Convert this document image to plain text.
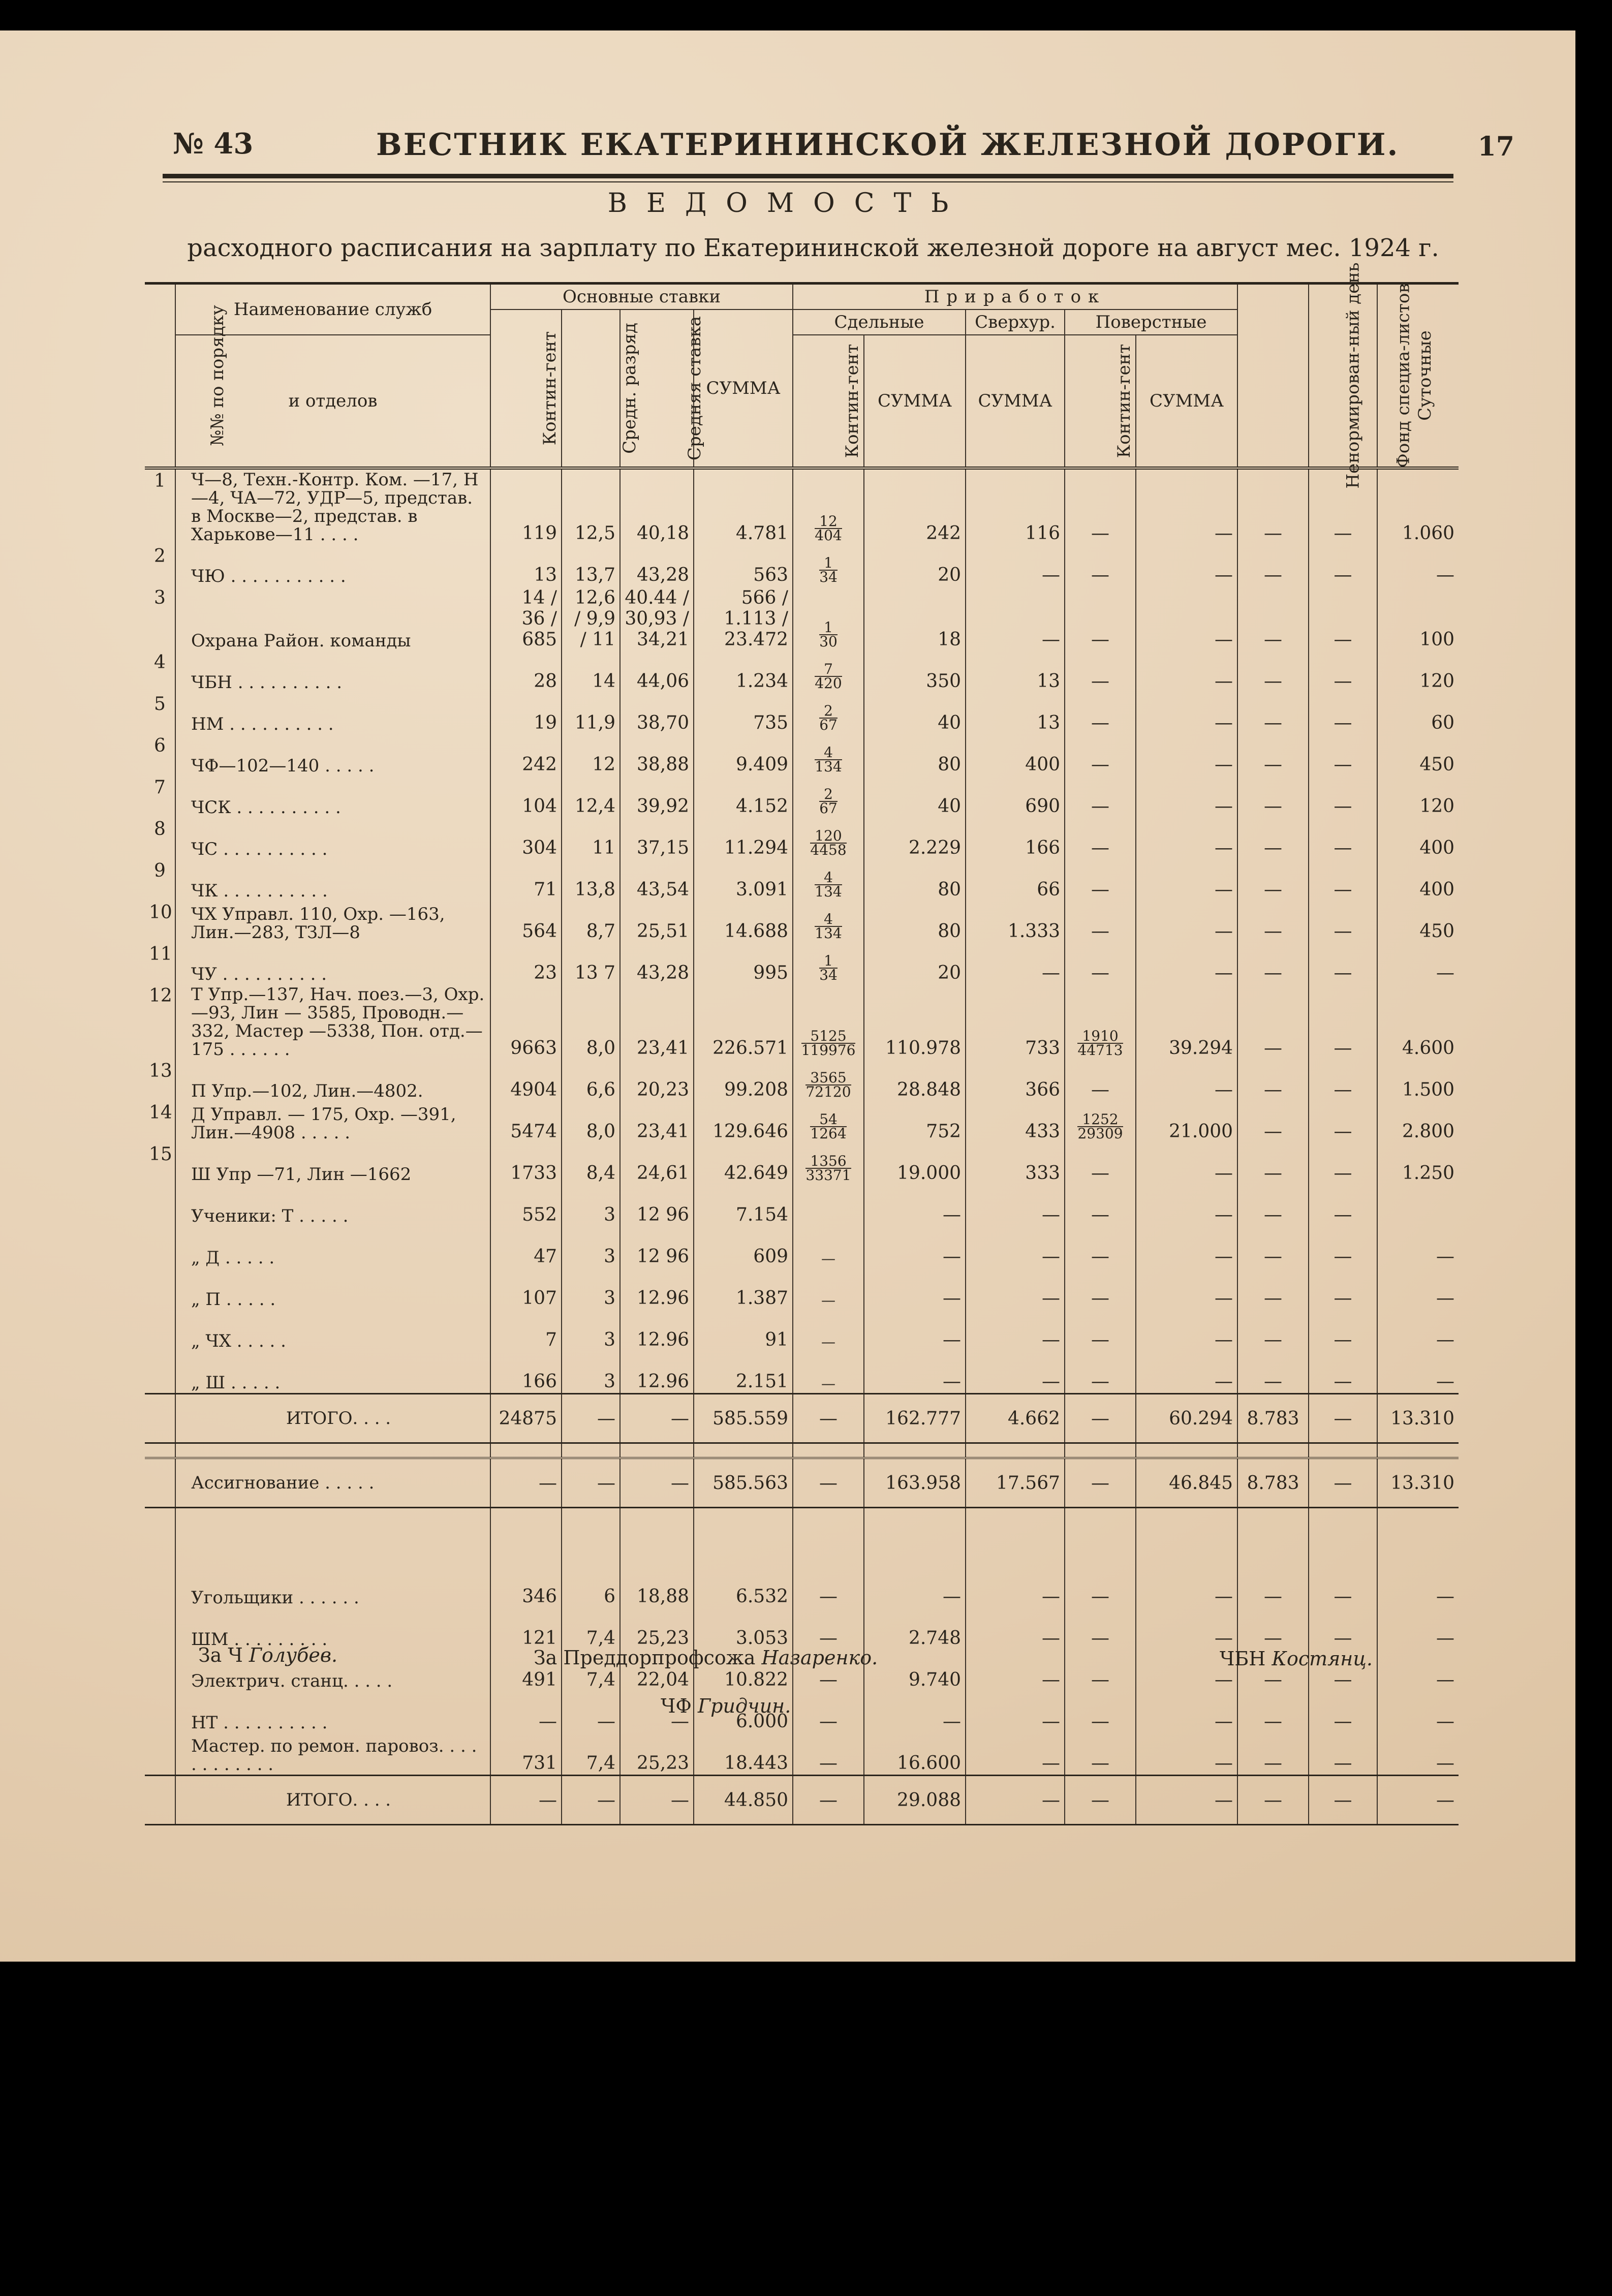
№ 43	ВЕСТНИК ЕКАТЕРИНИНСКОЙ ЖЕЛЕЗНОЙ ДОРОГИ.	17
ВЕДОМОСТЬ
расходного расписания на зарплату по Екатерининской железной дороге на август мес. 1924 г.
№№ по порядку	Наименование служб	Основные ставки				Приработок					Ненормирован-ный день	Фонд специа-листов	Суточные
		Контин-гент	Средн. разряд	Средняя ставка	СУММА	Сдельные		Сверхур.	Поверстные				
	и отделов					Контин-гент	СУММА	СУММА	Контин-гент	СУММА			
1	Ч—8, Техн.-Контр. Ком. —17, Н—4, ЧА—72, УДР—5, представ. в Москве—2, представ. в Харькове—11 . . . .	119	12,5	40,18	4.781	$\frac{12}{404}$	242	116	—	—	—	—	1.060
2	ЧЮ . . . . . . . . . . .	13	13,7	43,28	563	$\frac{1}{34}$	20	—	—	—	—	—	—
3	Охрана Район. команды	14 / 36 / 685	12,6 / 9,9 / 11	40.44 / 30,93 / 34,21	566 / 1.113 / 23.472	$\frac{1}{30}$	18	—	—	—	—	—	100
4	ЧБН . . . . . . . . . .	28	14	44,06	1.234	$\frac{7}{420}$	350	13	—	—	—	—	120
5	НМ . . . . . . . . . .	19	11,9	38,70	735	$\frac{2}{67}$	40	13	—	—	—	—	60
6	ЧФ—102—140 . . . . .	242	12	38,88	9.409	$\frac{4}{134}$	80	400	—	—	—	—	450
7	ЧСК . . . . . . . . . .	104	12,4	39,92	4.152	$\frac{2}{67}$	40	690	—	—	—	—	120
8	ЧС . . . . . . . . . .	304	11	37,15	11.294	$\frac{120}{4458}$	2.229	166	—	—	—	—	400
9	ЧК . . . . . . . . . .	71	13,8	43,54	3.091	$\frac{4}{134}$	80	66	—	—	—	—	400
10	ЧХ Управл. 110, Охр. —163, Лин.—283, ТЗЛ—8	564	8,7	25,51	14.688	$\frac{4}{134}$	80	1.333	—	—	—	—	450
11	ЧУ . . . . . . . . . .	23	13 7	43,28	995	$\frac{1}{34}$	20	—	—	—	—	—	—
12	Т Упр.—137, Нач. поез.—3, Охр.—93, Лин — 3585, Проводн.—332, Мастер —5338, Пон. отд.—175 . . . . . .	9663	8,0	23,41	226.571	$\frac{5125}{119976}$	110.978	733	$\frac{1910}{44713}$	39.294	—	—	4.600
13	П Упр.—102, Лин.—4802.	4904	6,6	20,23	99.208	$\frac{3565}{72120}$	28.848	366	—	—	—	—	1.500
14	Д Управл. — 175, Охр. —391, Лин.—4908 . . . . .	5474	8,0	23,41	129.646	$\frac{54}{1264}$	752	433	$\frac{1252}{29309}$	21.000	—	—	2.800
15	Ш Упр —71, Лин —1662	1733	8,4	24,61	42.649	$\frac{1356}{33371}$	19.000	333	—	—	—	—	1.250
	Ученики: Т . . . . .	552	3	12 96	7.154		—	—	—	—	—	—	
	„ Д . . . . .	47	3	12 96	609	—	—	—	—	—	—	—	—
	„ П . . . . .	107	3	12.96	1.387	—	—	—	—	—	—	—	—
	„ ЧХ . . . . .	7	3	12.96	91	—	—	—	—	—	—	—	—
	„ Ш . . . . .	166	3	12.96	2.151	—	—	—	—	—	—	—	—
	ИТОГО. . . .	24875	—	—	585.559	—	162.777	4.662	—	60.294	8.783	—	13.310

	Ассигнование . . . . .	—	—	—	585.563	—	163.958	17.567	—	46.845	8.783	—	13.310

	Угольщики . . . . . .	346	6	18,88	6.532	—	—	—	—	—	—	—	—
	ШМ . . . . . . . . .	121	7,4	25,23	3.053	—	2.748	—	—	—	—	—	—
	Электрич. станц. . . . .	491	7,4	22,04	10.822	—	9.740	—	—	—	—	—	—
	НТ . . . . . . . . . .	—	—	—	6.000	—	—	—	—	—	—	—	—
	Мастер. по ремон. паровоз. . . . . . . . . . . .	731	7,4	25,23	18.443	—	16.600	—	—	—	—	—	—
	ИТОГО. . . .	—	—	—	44.850	—	29.088	—	—	—	—	—	—
За Ч Голубев.	За Преддорпрофсожа Назаренко.	ЧБН Костянц.
ЧФ Гридчин.
